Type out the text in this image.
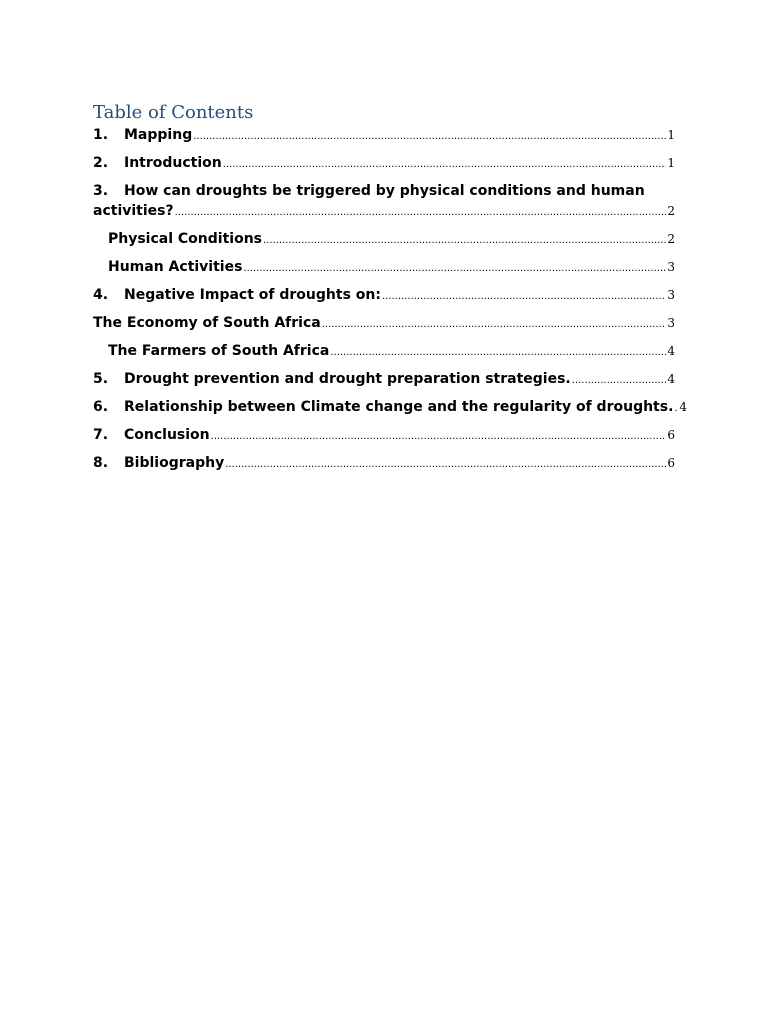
Table of Contents
1.	Mapping .....	1
2.	Introduction .....	1
3.	How can droughts be triggered by physical conditions and human
activities? .....	2
Physical Conditions .....	2
Human Activities .....	3
4.	Negative Impact of droughts on: .....	3
The Economy of South Africa .....	3
The Farmers of South Africa .....	4
5.	Drought prevention and drought preparation strategies. .....	4
6.	Relationship between Climate change and the regularity of droughts. ..... 4
7.	Conclusion .....	6
8.	Bibliography .....	6
